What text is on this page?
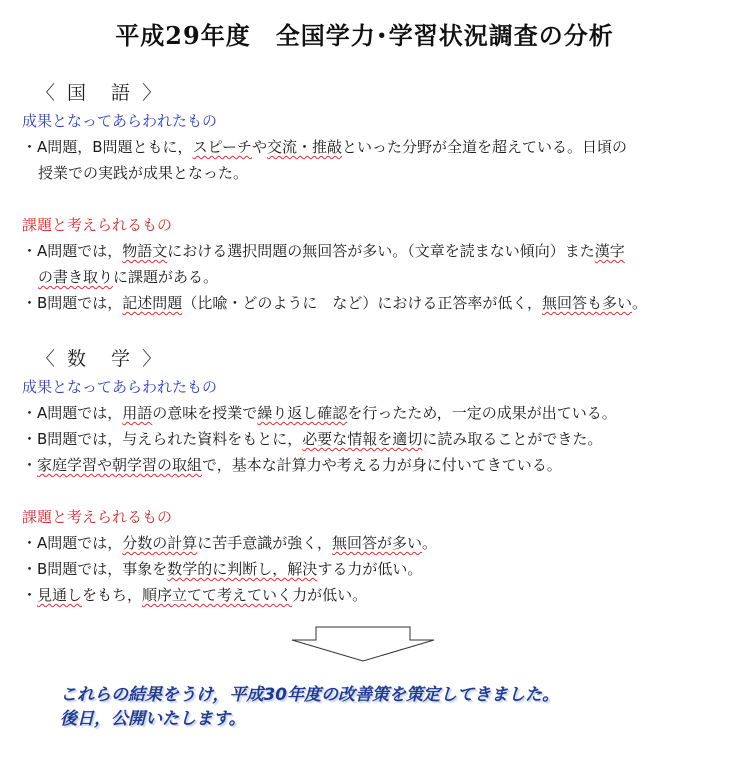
平成29年度　全国学力･学習状況調査の分析
〈 国　語 〉
成果となってあらわれたもの
・A問題，B問題ともに，スピーチや交流・推敲といった分野が全道を超えている。日頃の
授業での実践が成果となった。
課題と考えられるもの
・A問題では，物語文における選択問題の無回答が多い。（文章を読まない傾向）また漢字
の書き取りに課題がある。
・B問題では，記述問題（比喩・どのように　など）における正答率が低く，無回答も多い。
〈 数　学 〉
成果となってあらわれたもの
・A問題では，用語の意味を授業で繰り返し確認を行ったため，一定の成果が出ている。
・B問題では，与えられた資料をもとに，必要な情報を適切に読み取ることができた。
・家庭学習や朝学習の取組で，基本な計算力や考える力が身に付いてきている。
課題と考えられるもの
・A問題では，分数の計算に苦手意識が強く，無回答が多い。
・B問題では，事象を数学的に判断し，解決する力が低い。
・見通しをもち，順序立てて考えていく力が低い。
これらの結果をうけ，平成30年度の改善策を策定してきました。
後日，公開いたします。
